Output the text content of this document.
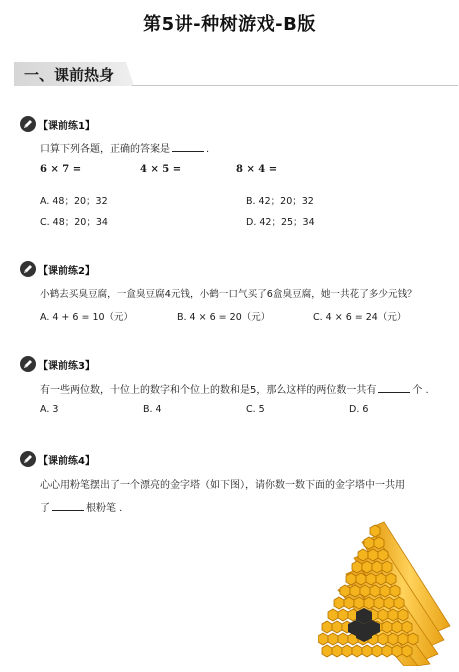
第5讲-种树游戏-B版
一、课前热身
【课前练1】
口算下列各题，正确的答案是	.
6 × 7 =	4 × 5 =	8 × 4 =
A. 48；20；32	B. 42；20；32
C. 48；20；34	D. 42；25；34
【课前练2】
小鹤去买臭豆腐，一盒臭豆腐4元钱，小鹤一口气买了6盒臭豆腐，她一共花了多少元钱？
A. 4 + 6 = 10（元）	B. 4 × 6 = 20（元）	C. 4 × 6 = 24（元）
【课前练3】
有一些两位数，十位上的数字和个位上的数和是5，那么这样的两位数一共有	个 .
A. 3	B. 4	C. 5	D. 6
【课前练4】
心心用粉笔摆出了一个漂亮的金字塔（如下图），请你数一数下面的金字塔中一共用
了	根粉笔 .
